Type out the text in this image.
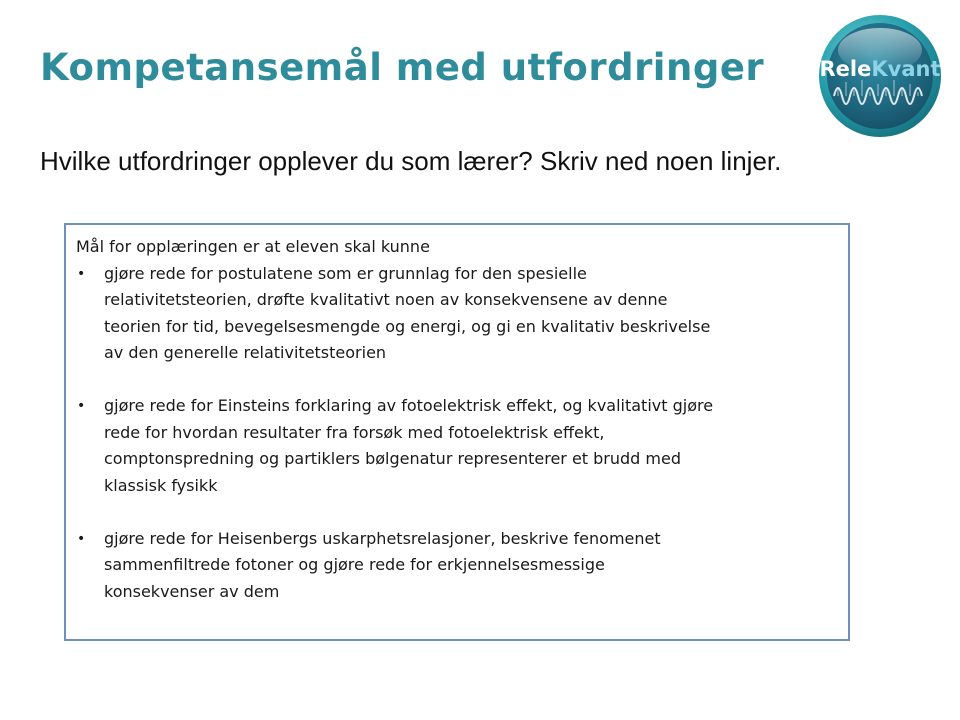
Kompetansemål med utfordringer	ReleKvant

Hvilke utfordringer opplever du som lærer? Skriv ned noen linjer.

Mål for opplæringen er at eleven skal kunne

• gjøre rede for postulatene som er grunnlag for den spesielle
relativitetsteorien, drøfte kvalitativt noen av konsekvensene av denne
teorien for tid, bevegelsesmengde og energi, og gi en kvalitativ beskrivelse
av den generelle relativitetsteorien
• gjøre rede for Einsteins forklaring av fotoelektrisk effekt, og kvalitativt gjøre
rede for hvordan resultater fra forsøk med fotoelektrisk effekt,
comptonspredning og partiklers bølgenatur representerer et brudd med
klassisk fysikk
• gjøre rede for Heisenbergs uskarphetsrelasjoner, beskrive fenomenet
sammenfiltrede fotoner og gjøre rede for erkjennelsesmessige
konsekvenser av dem
